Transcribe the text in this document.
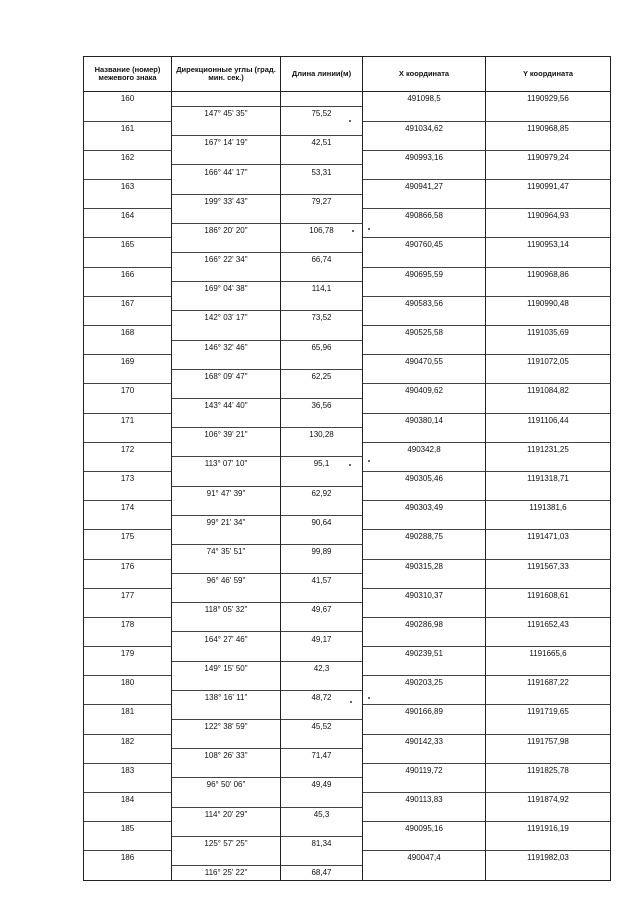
Название (номер) межевого знака	Дирекционные углы (град. мин. сек.)	Длина линии(м)	X координата	Y координата
160			491098,5	1190929,56
	147° 45' 35"	75,52		
161			491034,62	1190968,85
	167° 14' 19"	42,51		
162			490993,16	1190979,24
	166° 44' 17"	53,31		
163			490941,27	1190991,47
	199° 33' 43"	79,27		
164			490866,58	1190964,93
	186° 20' 20"	106,78		
165			490760,45	1190953,14
	166° 22' 34"	66,74		
166			490695,59	1190968,86
	169° 04' 38"	114,1		
167			490583,56	1190990,48
	142° 03' 17"	73,52		
168			490525,58	1191035,69
	146° 32' 46"	65,96		
169			490470,55	1191072,05
	168° 09' 47"	62,25		
170			490409,62	1191084,82
	143° 44' 40"	36,56		
171			490380,14	1191106,44
	106° 39' 21"	130,28		
172			490342,8	1191231,25
	113° 07' 10"	95,1		
173			490305,46	1191318,71
	91° 47' 39"	62,92		
174			490303,49	1191381,6
	99° 21' 34"	90,64		
175			490288,75	1191471,03
	74° 35' 51"	99,89		
176			490315,28	1191567,33
	96° 46' 59"	41,57		
177			490310,37	1191608,61
	118° 05' 32"	49,67		
178			490286,98	1191652,43
	164° 27' 46"	49,17		
179			490239,51	1191665,6
	149° 15' 50"	42,3		
180			490203,25	1191687,22
	138° 16' 11"	48,72		
181			490166,89	1191719,65
	122° 38' 59"	45,52		
182			490142,33	1191757,98
	108° 26' 33"	71,47		
183			490119,72	1191825,78
	96° 50' 06"	49,49		
184			490113,83	1191874,92
	114° 20' 29"	45,3		
185			490095,16	1191916,19
	125° 57' 25"	81,34		
186			490047,4	1191982,03
	116° 25' 22"	68,47		
